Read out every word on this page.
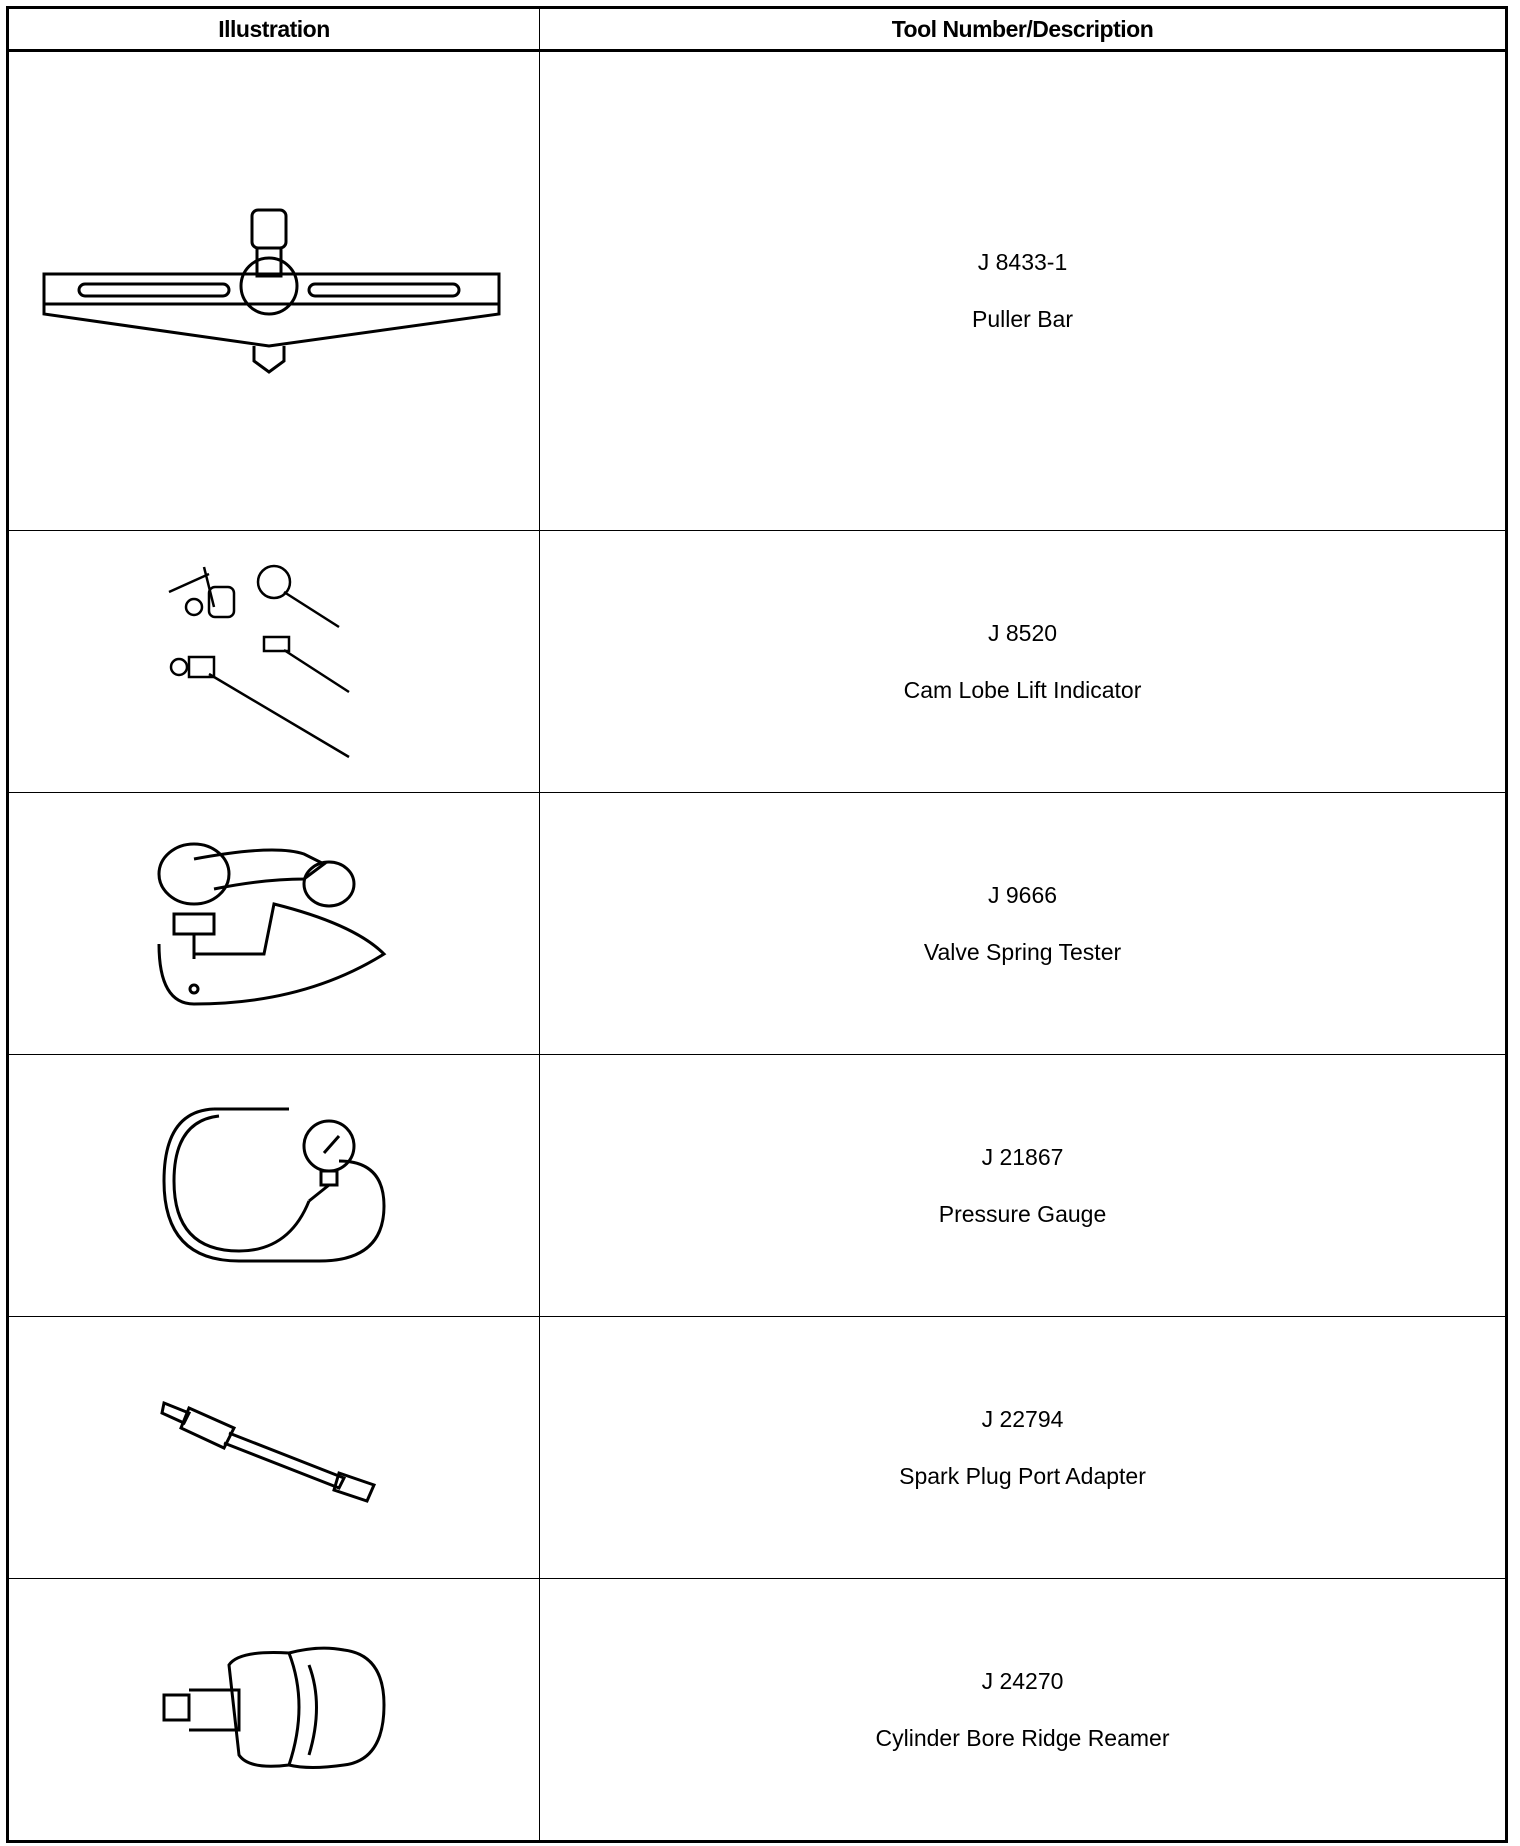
Illustration	Tool Number/Description

J 8433-1
Puller Bar

J 8520
Cam Lobe Lift Indicator

J 9666
Valve Spring Tester

J 21867
Pressure Gauge

J 22794
Spark Plug Port Adapter

J 24270
Cylinder Bore Ridge Reamer
